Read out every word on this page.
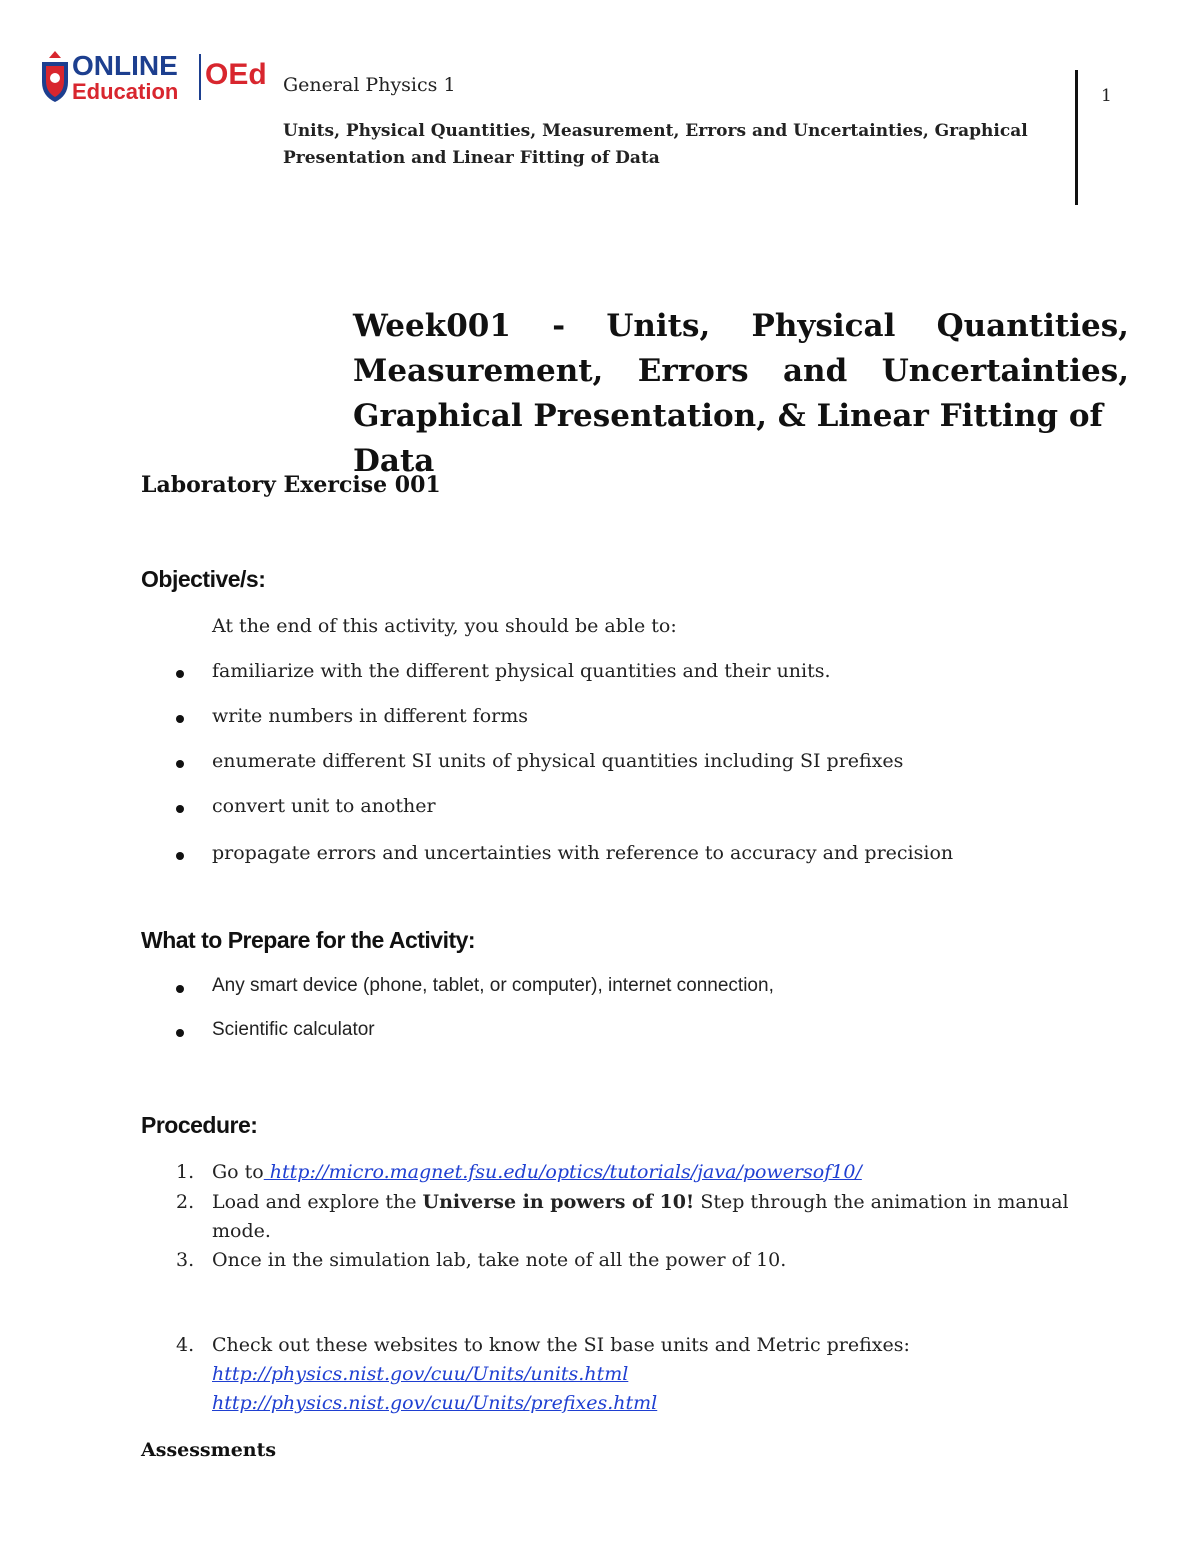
ONLINE
Education
OEd General Physics 1
Units, Physical Quantities, Measurement, Errors and Uncertainties, Graphical Presentation and Linear Fitting of Data
1
Week001 - Units, Physical Quantities,
Measurement, Errors and Uncertainties,
Graphical Presentation, & Linear Fitting of Data
Laboratory Exercise 001
Objective/s:
At the end of this activity, you should be able to:
familiarize with the different physical quantities and their units.
write numbers in different forms
enumerate different SI units of physical quantities including SI prefixes
convert unit to another
propagate errors and uncertainties with reference to accuracy and precision
What to Prepare for the Activity:
Any smart device (phone, tablet, or computer), internet connection,
Scientific calculator
Procedure:
1. Go to http://micro.magnet.fsu.edu/optics/tutorials/java/powersof10/
2. Load and explore the Universe in powers of 10! Step through the animation in manual mode.
3. Once in the simulation lab, take note of all the power of 10.
4. Check out these websites to know the SI base units and Metric prefixes:
http://physics.nist.gov/cuu/Units/units.html
http://physics.nist.gov/cuu/Units/prefixes.html
Assessments
